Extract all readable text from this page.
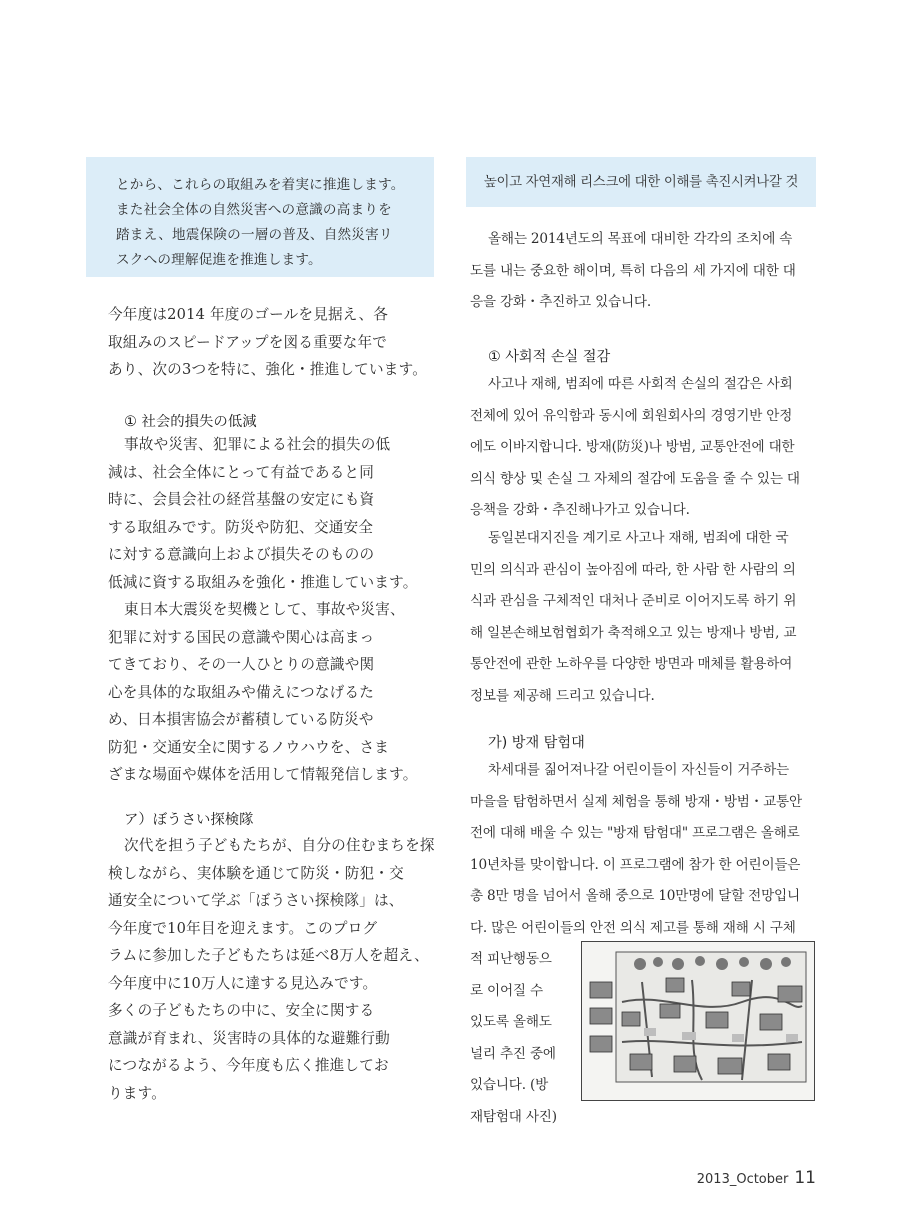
とから、これらの取組みを着実に推進します。

また社会全体の自然災害への意識の高まりを

踏まえ、地震保険の一層の普及、自然災害リ

スクへの理解促進を推進します。

높이고 자연재해 리스크에 대한 이해를 촉진시켜나갈 것

今年度は2014 年度のゴールを見据え、各

取組みのスピードアップを図る重要な年で

あり、次の3つを特に、強化・推進しています。

① 社会的損失の低減

事故や災害、犯罪による社会的損失の低

減は、社会全体にとって有益であると同

時に、会員会社の経営基盤の安定にも資

する取組みです。防災や防犯、交通安全

に対する意識向上および損失そのものの

低減に資する取組みを強化・推進しています。

東日本大震災を契機として、事故や災害、

犯罪に対する国民の意識や関心は高まっ

てきており、その一人ひとりの意識や関

心を具体的な取組みや備えにつなげるた

め、日本損害協会が蓄積している防災や

防犯・交通安全に関するノウハウを、さま

ざまな場面や媒体を活用して情報発信します。

ア）ぼうさい探検隊

次代を担う子どもたちが、自分の住むまちを探

検しながら、実体験を通じて防災・防犯・交

通安全について学ぶ「ぼうさい探検隊」は、

今年度で10年目を迎えます。このプログ

ラムに参加した子どもたちは延べ8万人を超え、

今年度中に10万人に達する見込みです。

多くの子どもたちの中に、安全に関する

意識が育まれ、災害時の具体的な避難行動

につながるよう、今年度も広く推進してお

ります。

올해는 2014년도의 목표에 대비한 각각의 조치에 속

도를 내는 중요한 해이며, 특히 다음의 세 가지에 대한 대

응을 강화・추진하고 있습니다.

① 사회적 손실 절감

사고나 재해, 범죄에 따른 사회적 손실의 절감은 사회

전체에 있어 유익함과 동시에 회원회사의 경영기반 안정

에도 이바지합니다. 방재(防災)나 방범, 교통안전에 대한

의식 향상 및 손실 그 자체의 절감에 도움을 줄 수 있는 대

응책을 강화・추진해나가고 있습니다.

동일본대지진을 계기로 사고나 재해, 범죄에 대한 국

민의 의식과 관심이 높아짐에 따라, 한 사람 한 사람의 의

식과 관심을 구체적인 대처나 준비로 이어지도록 하기 위

해 일본손해보험협회가 축적해오고 있는 방재나 방범, 교

통안전에 관한 노하우를 다양한 방면과 매체를 활용하여

정보를 제공해 드리고 있습니다.

가) 방재 탐험대

차세대를 짊어져나갈 어린이들이 자신들이 거주하는

마을을 탐험하면서 실제 체험을 통해 방재・방범・교통안

전에 대해 배울 수 있는 "방재 탐험대" 프로그램은 올해로

10년차를 맞이합니다. 이 프로그램에 참가 한 어린이들은

총 8만 명을 넘어서 올해 중으로 10만명에 달할 전망입니

다. 많은 어린이들의 안전 의식 제고를 통해 재해 시 구체

적 피난행동으

로 이어질 수

있도록 올해도

널리 추진 중에

있습니다. (방

재탐험대 사진)

2013_October 11
